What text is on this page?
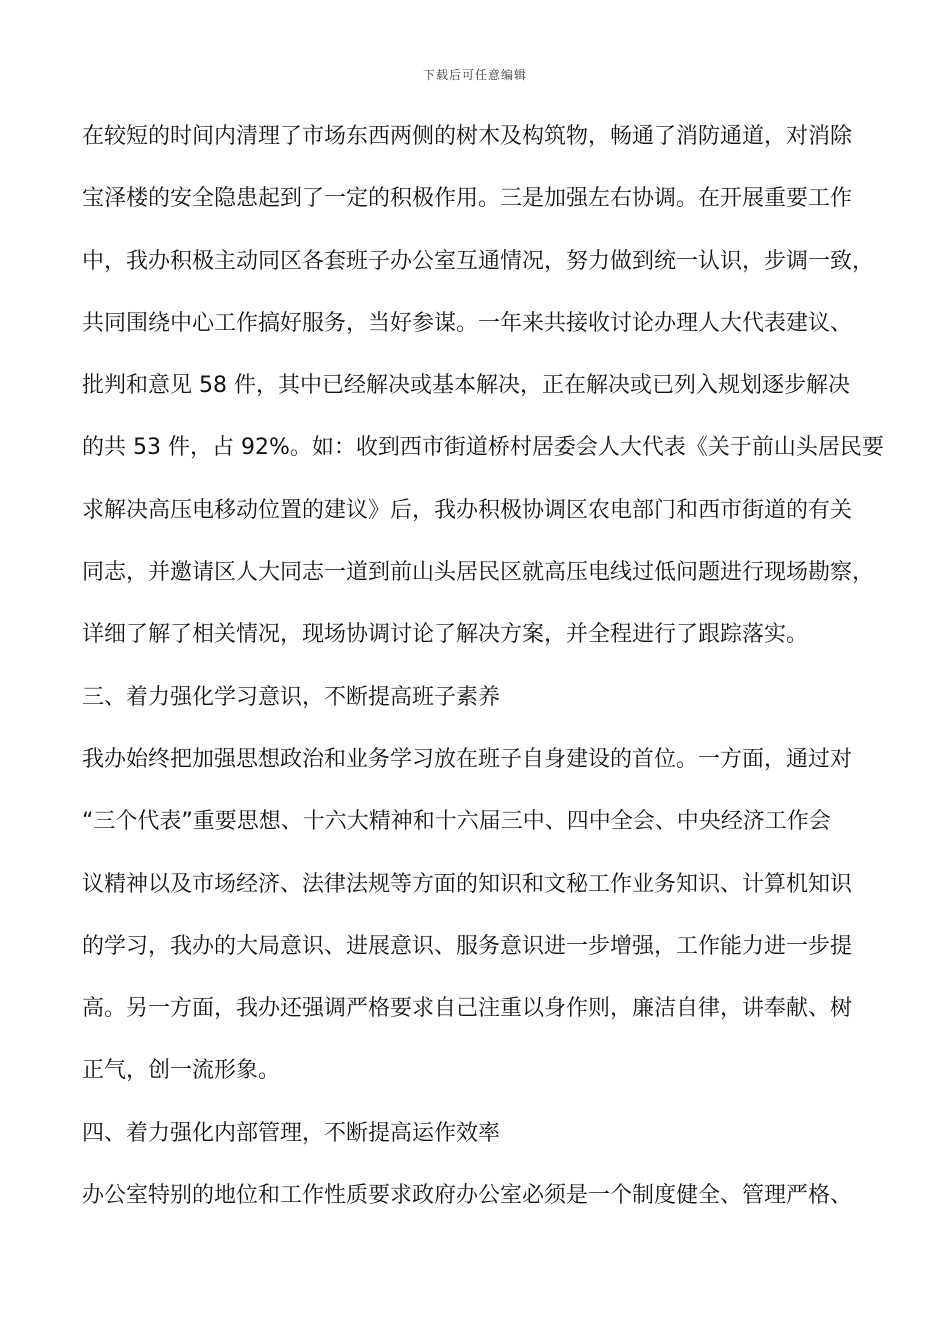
下载后可任意编辑
在较短的时间内清理了市场东西两侧的树木及构筑物，畅通了消防通道，对消除
宝泽楼的安全隐患起到了一定的积极作用。三是加强左右协调。在开展重要工作
中，我办积极主动同区各套班子办公室互通情况，努力做到统一认识，步调一致，
共同围绕中心工作搞好服务，当好参谋。一年来共接收讨论办理人大代表建议、
批判和意见 58 件，其中已经解决或基本解决，正在解决或已列入规划逐步解决
的共 53 件，占 92%。如：收到西市街道桥村居委会人大代表《关于前山头居民要
求解决高压电移动位置的建议》后，我办积极协调区农电部门和西市街道的有关
同志，并邀请区人大同志一道到前山头居民区就高压电线过低问题进行现场勘察，
详细了解了相关情况，现场协调讨论了解决方案，并全程进行了跟踪落实。
三、着力强化学习意识，不断提高班子素养
我办始终把加强思想政治和业务学习放在班子自身建设的首位。一方面，通过对
“三个代表”重要思想、十六大精神和十六届三中、四中全会、中央经济工作会
议精神以及市场经济、法律法规等方面的知识和文秘工作业务知识、计算机知识
的学习，我办的大局意识、进展意识、服务意识进一步增强，工作能力进一步提
高。另一方面，我办还强调严格要求自己注重以身作则，廉洁自律，讲奉献、树
正气，创一流形象。
四、着力强化内部管理，不断提高运作效率
办公室特别的地位和工作性质要求政府办公室必须是一个制度健全、管理严格、
